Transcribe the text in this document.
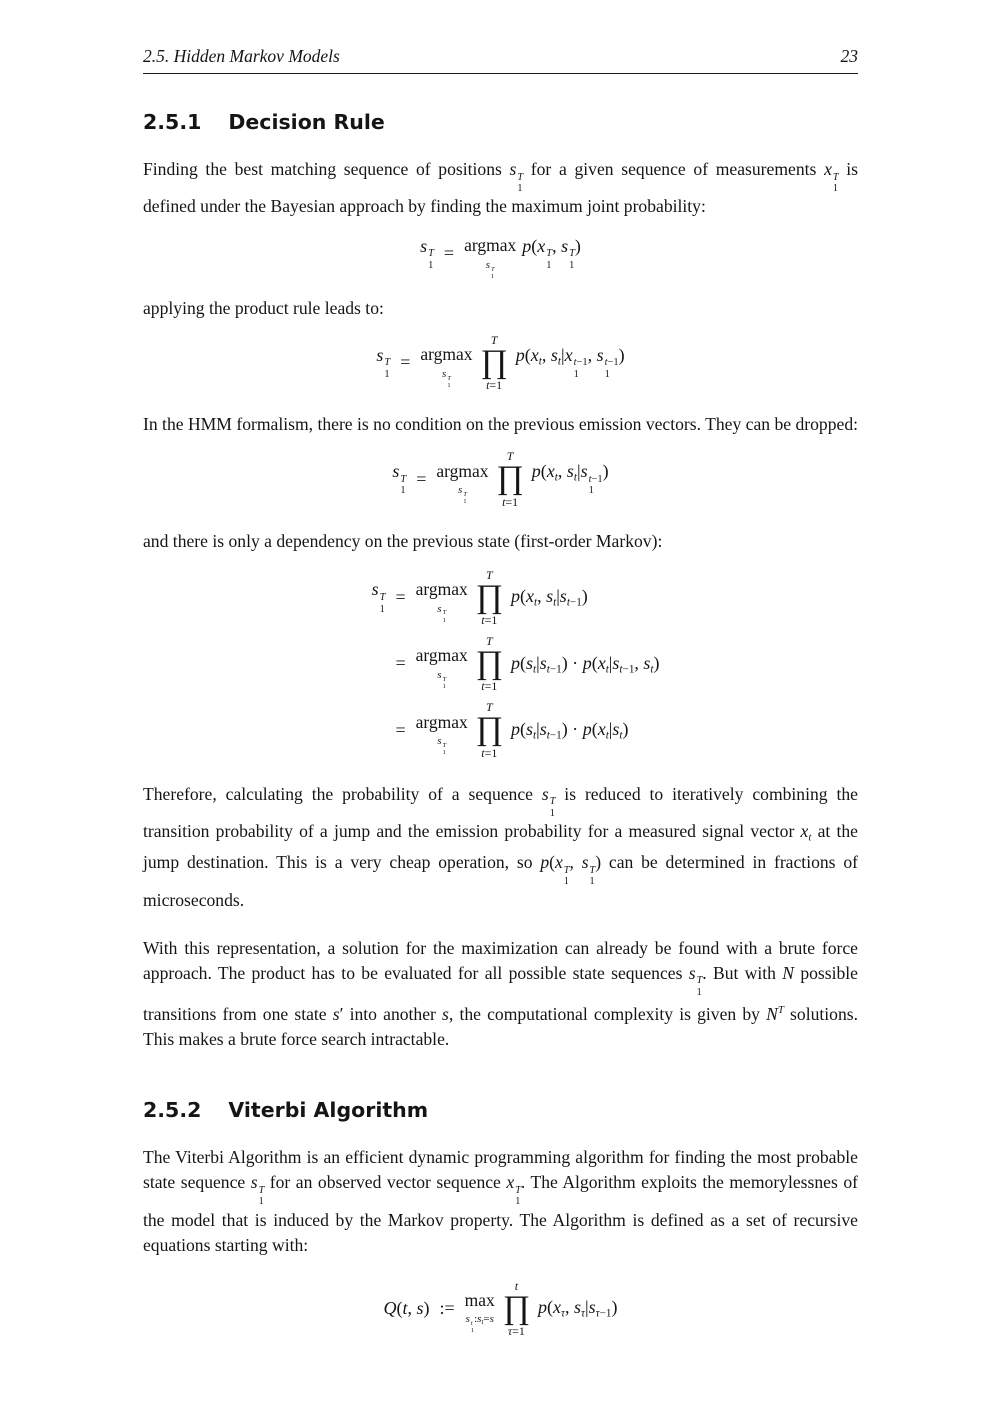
2.5. Hidden Markov Models	23
2.5.1 Decision Rule

Finding the best matching sequence of positions s T
1
for a given sequence of measurements x T
1
is defined under the Bayesian approach by finding the maximum joint probability:

s T
1
= argmax
s T
1
p(x T
1
, s T
1
)

applying the product rule leads to:

s T
1
= argmax
s T
1
T
∏
t=1
$p(x_t$, $s_t|x$ t−1
1
, s t−1
1
)

In the HMM formalism, there is no condition on the previous emission vectors. They can be dropped:

s T
1
= argmax
s T
1
T
∏
t=1
$p(x_t$, $s_t|s$ t−1
1
)

and there is only a dependency on the previous state (first-order Markov):

s T
1
= argmax
s T
1
T
∏
t=1
$p(x_t$, $s_t|s_{t-1}$)
= argmax
s T
1
T
∏
t=1
$p(s_t|s_{t-1}) \cdot p(x_t|s_{t-1}$, $s_t$)
= argmax
s T
1
T
∏
t=1
$p(s_t|s_{t-1}) \cdot p(x_t|s_t)$

Therefore, calculating the probability of a sequence s T
1
is reduced to iteratively combining the transition probability of a jump and the emission probability for a measured signal vector $x_t$ at the jump destination. This is a very cheap operation, so p(x T
1
, s T
1
) can be determined in fractions of microseconds.

With this representation, a solution for the maximization can already be found with a brute force approach. The product has to be evaluated for all possible state sequences s T
1
. But with N possible transitions from one state s′ into another s, the computational complexity is given by $N^T$ solutions. This makes a brute force search intractable.

2.5.2 Viterbi Algorithm

The Viterbi Algorithm is an efficient dynamic programming algorithm for finding the most probable state sequence s T
1
for an observed vector sequence x T
1
. The Algorithm exploits the memorylessnes of the model that is induced by the Markov property. The Algorithm is defined as a set of recursive equations starting with:

Q(t, s) := max
s t
1
$:s_t=s$
t
∏
τ=1
$p(x_\tau$, $s_\tau|s_{\tau-1}$)
